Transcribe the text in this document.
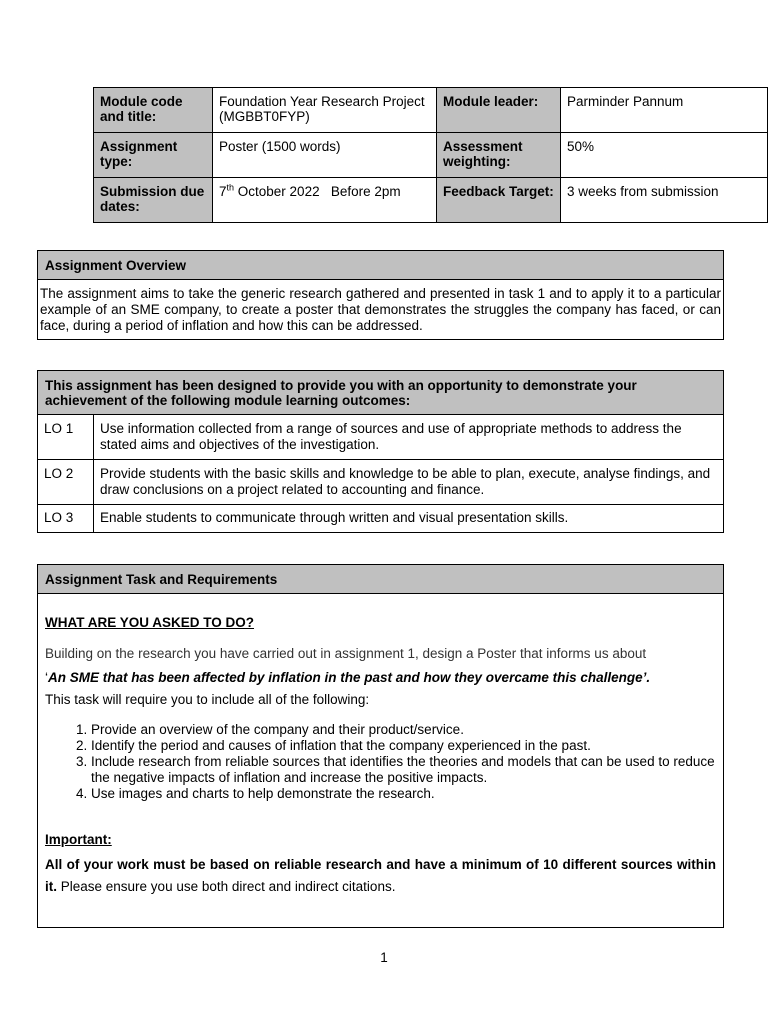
Module code and title:	Foundation Year Research Project (MGBBT0FYP)	Module leader:	Parminder Pannum
Assignment type:	Poster (1500 words)	Assessment weighting:	50%
Submission due dates:	7th October 2022   Before 2pm	Feedback Target:	3 weeks from submission
Assignment Overview
The assignment aims to take the generic research gathered and presented in task 1 and to apply it to a particular example of an SME company, to create a poster that demonstrates the struggles the company has faced, or can face, during a period of inflation and how this can be addressed.
This assignment has been designed to provide you with an opportunity to demonstrate your achievement of the following module learning outcomes:
LO 1	Use information collected from a range of sources and use of appropriate methods to address the stated aims and objectives of the investigation.
LO 2	Provide students with the basic skills and knowledge to be able to plan, execute, analyse findings, and draw conclusions on a project related to accounting and finance.
LO 3	Enable students to communicate through written and visual presentation skills.
Assignment Task and Requirements
WHAT ARE YOU ASKED TO DO?
Building on the research you have carried out in assignment 1, design a Poster that informs us about
‘An SME that has been affected by inflation in the past and how they overcame this challenge’.
This task will require you to include all of the following:
1. Provide an overview of the company and their product/service.
2. Identify the period and causes of inflation that the company experienced in the past.
3. Include research from reliable sources that identifies the theories and models that can be used to reduce the negative impacts of inflation and increase the positive impacts.
4. Use images and charts to help demonstrate the research.
Important:
All of your work must be based on reliable research and have a minimum of 10 different sources within it. Please ensure you use both direct and indirect citations.
1
